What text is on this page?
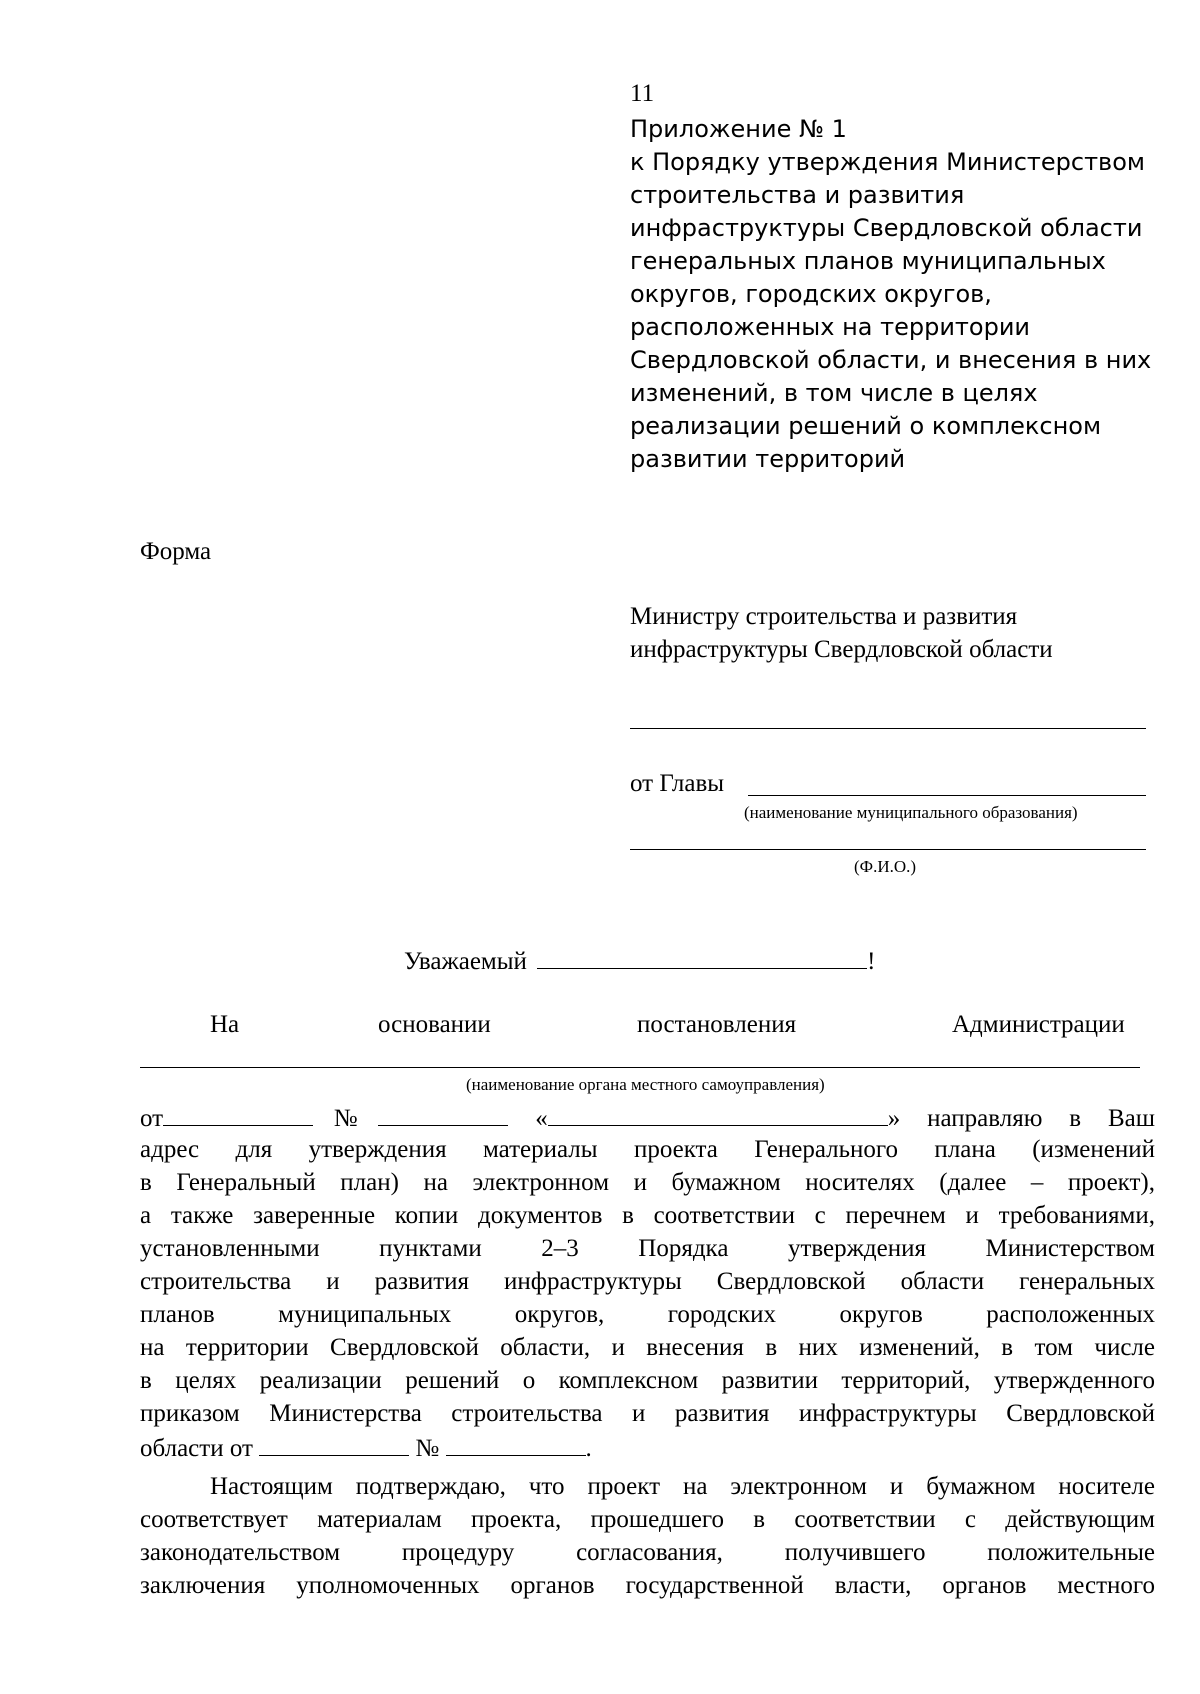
11
Приложение № 1
к Порядку утверждения Министерством
строительства и развития
инфраструктуры Свердловской области
генеральных планов муниципальных
округов, городских округов,
расположенных на территории
Свердловской области, и внесения в них
изменений, в том числе в целях
реализации решений о комплексном
развитии территорий
Форма
Министру строительства и развития
инфраструктуры Свердловской области
от Главы
(наименование муниципального образования)
(Ф.И.О.)
Уважаемый	!
На	основании	постановления	Администрации
(наименование органа местного самоуправления)
от	№	«	» направляю в Ваш
адрес для утверждения материалы проекта Генерального плана (изменений
в Генеральный план) на электронном и бумажном носителях (далее – проект),
а также заверенные копии документов в соответствии с перечнем и требованиями,
установленными пунктами 2–3 Порядка утверждения Министерством
строительства и развития инфраструктуры Свердловской области генеральных
планов муниципальных округов, городских округов расположенных
на территории Свердловской области, и внесения в них изменений, в том числе
в целях реализации решений о комплексном развитии территорий, утвержденного
приказом Министерства строительства и развития инфраструктуры Свердловской
области от	№	.
Настоящим подтверждаю, что проект на электронном и бумажном носителе
соответствует материалам проекта, прошедшего в соответствии с действующим
законодательством процедуру согласования, получившего положительные
заключения уполномоченных органов государственной власти, органов местного
